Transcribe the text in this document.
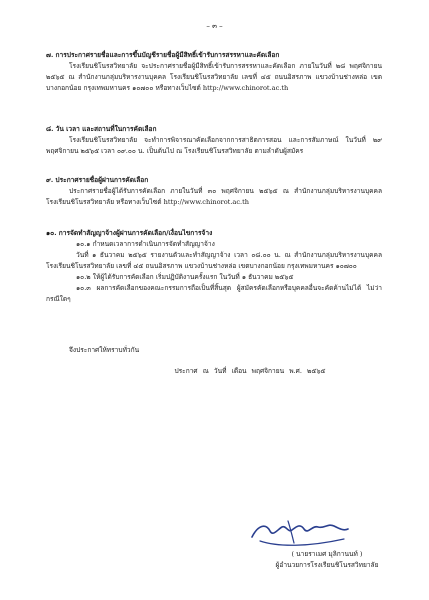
– ๓ –

๗. การประกาศรายชื่อและการขึ้นบัญชีรายชื่อผู้มีสิทธิ์เข้ารับการสรรหาและคัดเลือก

โรงเรียนชิโนรสวิทยาลัย จะประกาศรายชื่อผู้มีสิทธิ์เข้ารับการสรรหาและคัดเลือก ภายในวันที่ ๒๘ พฤศจิกายน ๒๕๖๕ ณ สำนักงานกลุ่มบริหารงานบุคคล โรงเรียนชิโนรสวิทยาลัย เลขที่ ๔๕ ถนนอิสรภาพ แขวงบ้านช่างหล่อ เขตบางกอกน้อย กรุงเทพมหานคร ๑๐๗๐๐ หรือทางเว็บไซต์ http://www.chinorot.ac.th

๘. วัน เวลา และสถานที่ในการคัดเลือก

โรงเรียนชิโนรสวิทยาลัย จะทำการพิจารณาคัดเลือกจากการสาธิตการสอน และการสัมภาษณ์ ในวันที่ ๒๙ พฤศจิกายน ๒๕๖๕ เวลา ๐๙.๐๐ น. เป็นต้นไป ณ โรงเรียนชิโนรสวิทยาลัย ตามลำดับผู้สมัคร

๙. ประกาศรายชื่อผู้ผ่านการคัดเลือก

ประกาศรายชื่อผู้ได้รับการคัดเลือก ภายในวันที่ ๓๐ พฤศจิกายน ๒๕๖๕ ณ สำนักงานกลุ่มบริหารงานบุคคล โรงเรียนชิโนรสวิทยาลัย หรือทางเว็บไซต์ http://www.chinorot.ac.th

๑๐. การจัดทำสัญญาจ้างผู้ผ่านการคัดเลือก/เงื่อนไขการจ้าง

๑๐.๑ กำหนดเวลาการดำเนินการจัดทำสัญญาจ้าง

วันที่ ๑ ธันวาคม ๒๕๖๕ รายงานตัวและทำสัญญาจ้าง เวลา ๐๘.๐๐ น. ณ สำนักงานกลุ่มบริหารงานบุคคล โรงเรียนชิโนรสวิทยาลัย เลขที่ ๔๕ ถนนอิสรภาพ แขวงบ้านช่างหล่อ เขตบางกอกน้อย กรุงเทพมหานคร ๑๐๗๐๐

๑๐.๒ ให้ผู้ได้รับการคัดเลือก เริ่มปฏิบัติงานครั้งแรก ในวันที่ ๑ ธันวาคม ๒๕๖๕

๑๐.๓ ผลการคัดเลือกของคณะกรรมการถือเป็นที่สิ้นสุด ผู้สมัครคัดเลือกหรือบุคคลอื่นจะคัดค้านไม่ได้ ไม่ว่ากรณีใดๆ

จึงประกาศให้ทราบทั่วกัน

ประกาศ ณ วันที่ เดือน พฤศจิกายน พ.ศ. ๒๕๖๕

( นายราเมศ มุลิกานนท์ )
ผู้อำนวยการโรงเรียนชิโนรสวิทยาลัย
